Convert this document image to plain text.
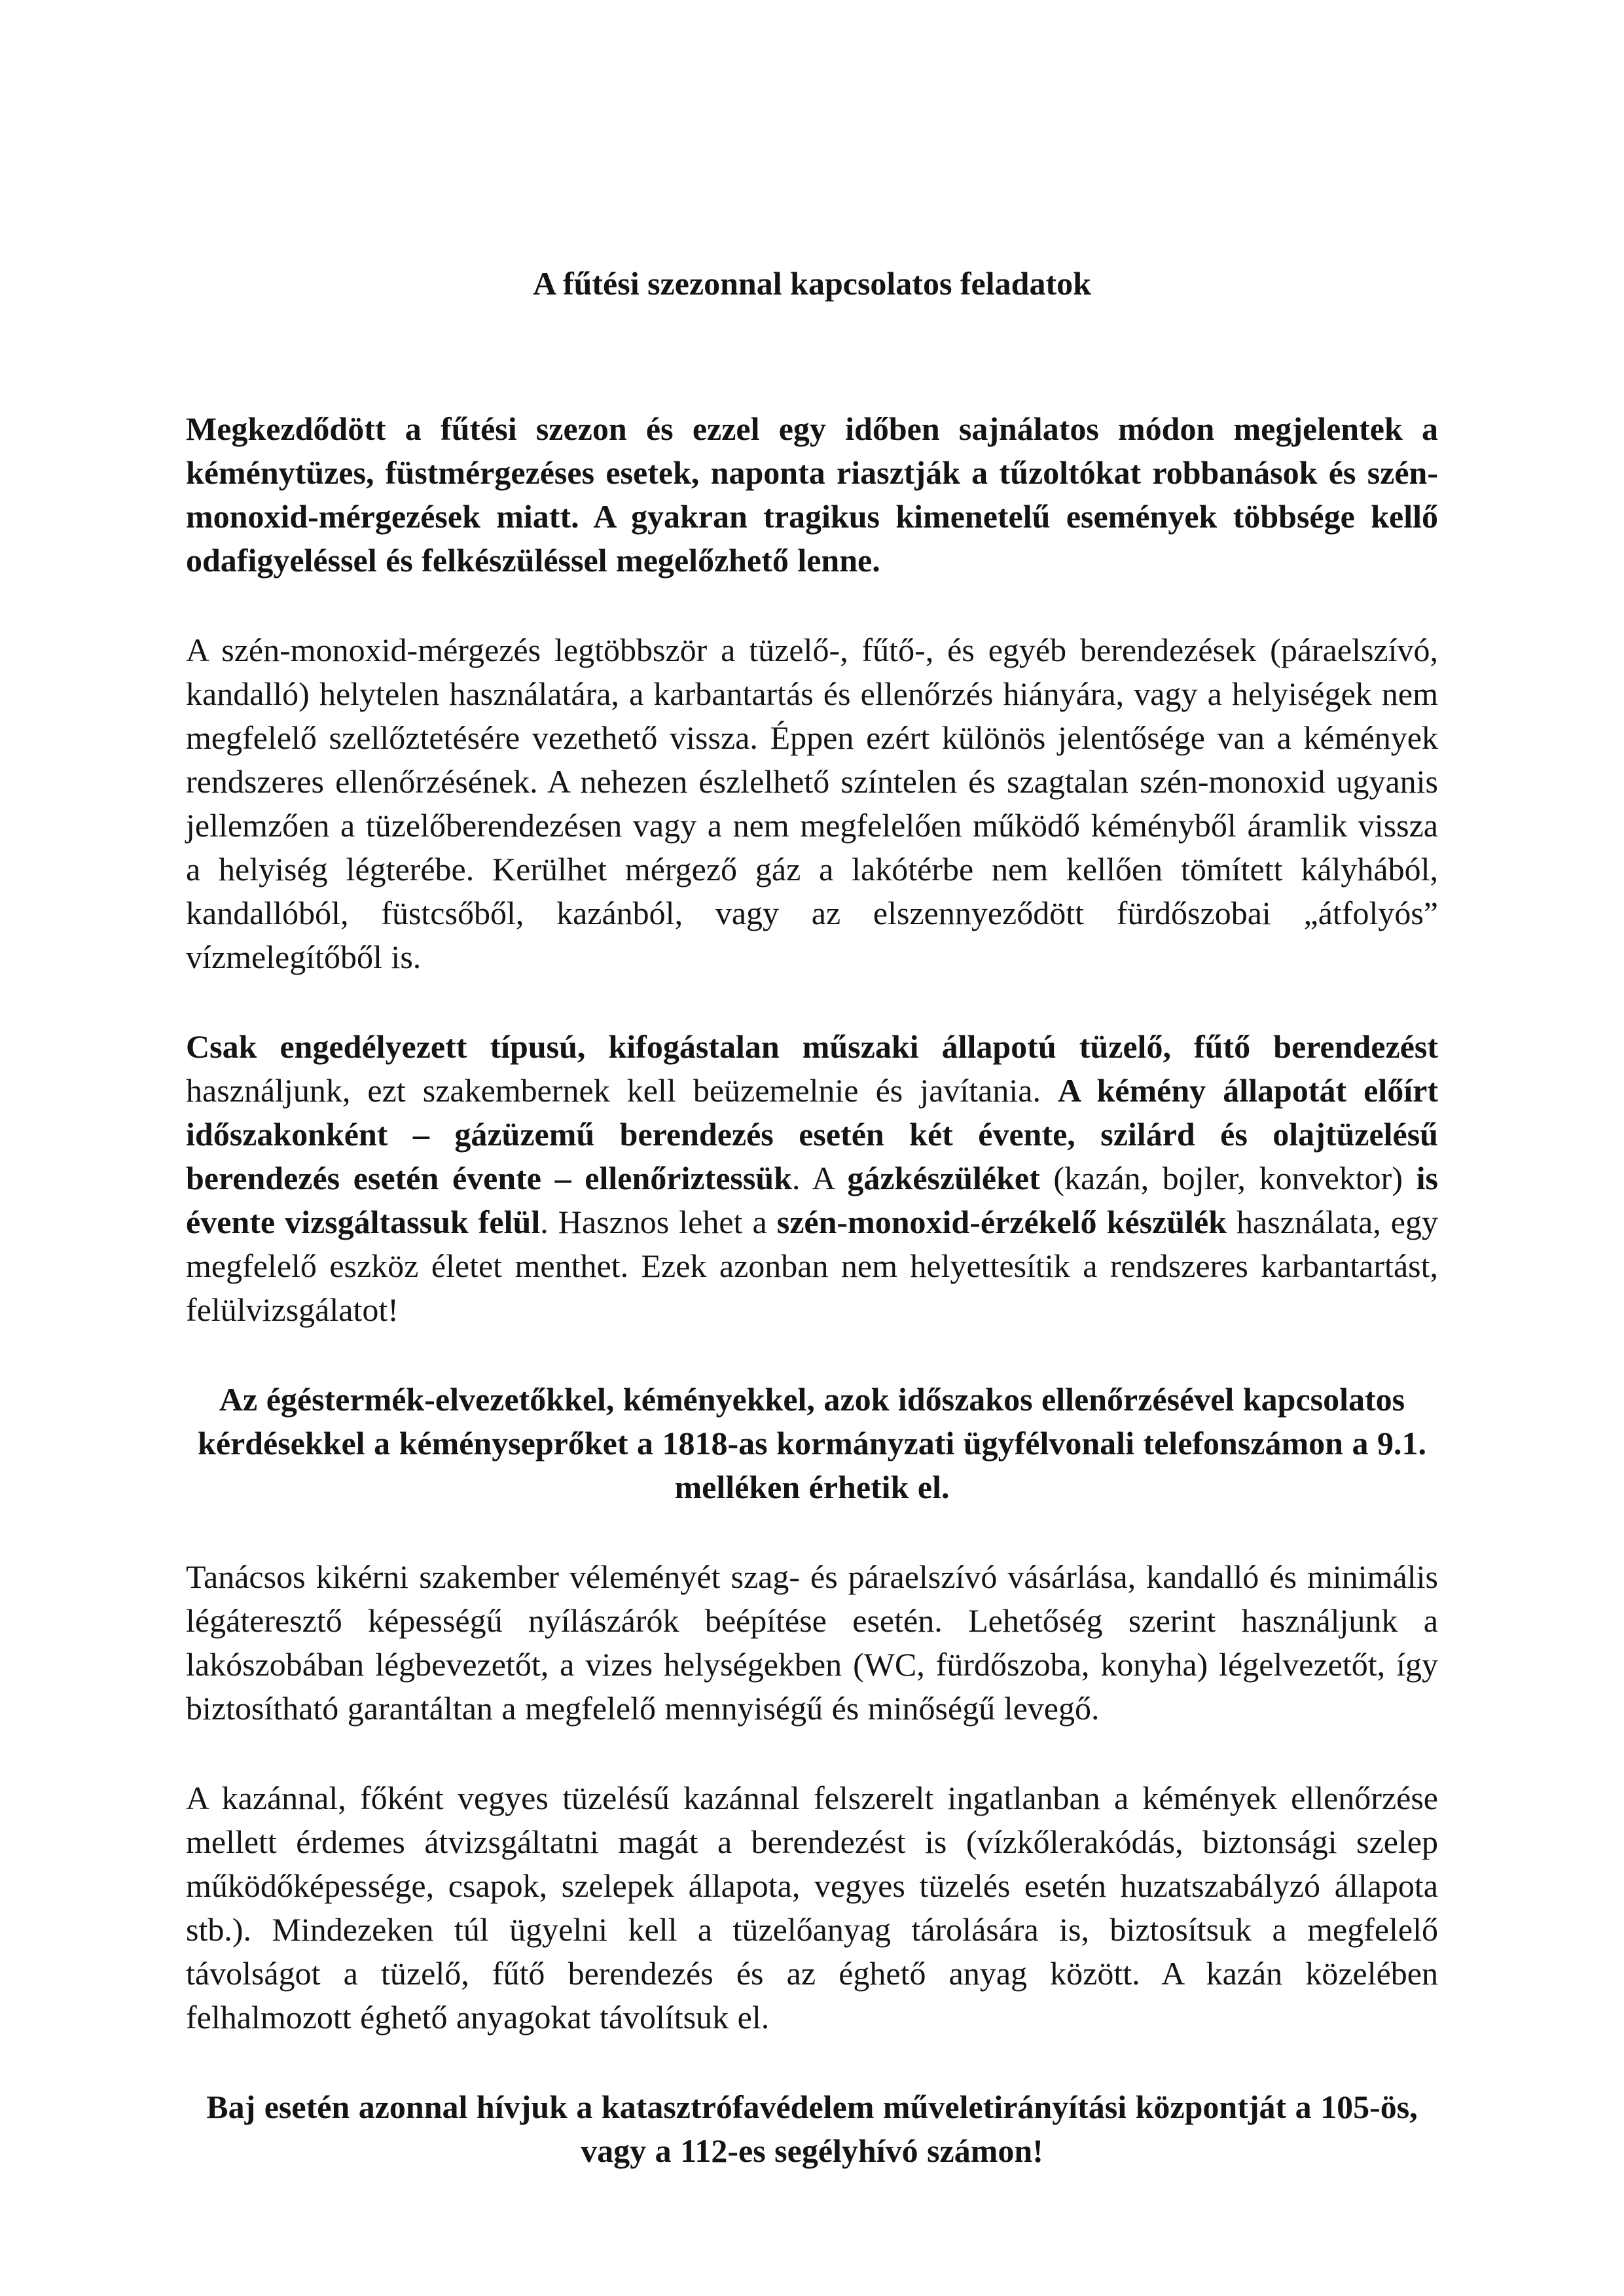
A fűtési szezonnal kapcsolatos feladatok

Megkezdődött a fűtési szezon és ezzel egy időben sajnálatos módon megjelentek a kéménytüzes, füstmérgezéses esetek, naponta riasztják a tűzoltókat robbanások és szén-monoxid-mérgezések miatt. A gyakran tragikus kimenetelű események többsége kellő odafigyeléssel és felkészüléssel megelőzhető lenne.

A szén-monoxid-mérgezés legtöbbször a tüzelő-, fűtő-, és egyéb berendezések (páraelszívó, kandalló) helytelen használatára, a karbantartás és ellenőrzés hiányára, vagy a helyiségek nem megfelelő szellőztetésére vezethető vissza. Éppen ezért különös jelentősége van a kémények rendszeres ellenőrzésének. A nehezen észlelhető színtelen és szagtalan szén-monoxid ugyanis jellemzően a tüzelőberendezésen vagy a nem megfelelően működő kéményből áramlik vissza a helyiség légterébe. Kerülhet mérgező gáz a lakótérbe nem kellően tömített kályhából, kandallóból, füstcsőből, kazánból, vagy az elszennyeződött fürdőszobai „átfolyós” vízmelegítőből is.

Csak engedélyezett típusú, kifogástalan műszaki állapotú tüzelő, fűtő berendezést használjunk, ezt szakembernek kell beüzemelnie és javítania. A kémény állapotát előírt időszakonként – gázüzemű berendezés esetén két évente, szilárd és olajtüzelésű berendezés esetén évente – ellenőriztessük. A gázkészüléket (kazán, bojler, konvektor) is évente vizsgáltassuk felül. Hasznos lehet a szén-monoxid-érzékelő készülék használata, egy megfelelő eszköz életet menthet. Ezek azonban nem helyettesítik a rendszeres karbantartást, felülvizsgálatot!

Az égéstermék-elvezetőkkel, kéményekkel, azok időszakos ellenőrzésével kapcsolatos kérdésekkel a kéményseprőket a 1818-as kormányzati ügyfélvonali telefonszámon a 9.1. melléken érhetik el.

Tanácsos kikérni szakember véleményét szag- és páraelszívó vásárlása, kandalló és minimális légáteresztő képességű nyílászárók beépítése esetén. Lehetőség szerint használjunk a lakószobában légbevezetőt, a vizes helységekben (WC, fürdőszoba, konyha) légelvezetőt, így biztosítható garantáltan a megfelelő mennyiségű és minőségű levegő.

A kazánnal, főként vegyes tüzelésű kazánnal felszerelt ingatlanban a kémények ellenőrzése mellett érdemes átvizsgáltatni magát a berendezést is (vízkőlerakódás, biztonsági szelep működőképessége, csapok, szelepek állapota, vegyes tüzelés esetén huzatszabályzó állapota stb.). Mindezeken túl ügyelni kell a tüzelőanyag tárolására is, biztosítsuk a megfelelő távolságot a tüzelő, fűtő berendezés és az éghető anyag között. A kazán közelében felhalmozott éghető anyagokat távolítsuk el.

Baj esetén azonnal hívjuk a katasztrófavédelem műveletirányítási központját a 105-ös, vagy a 112-es segélyhívó számon!
